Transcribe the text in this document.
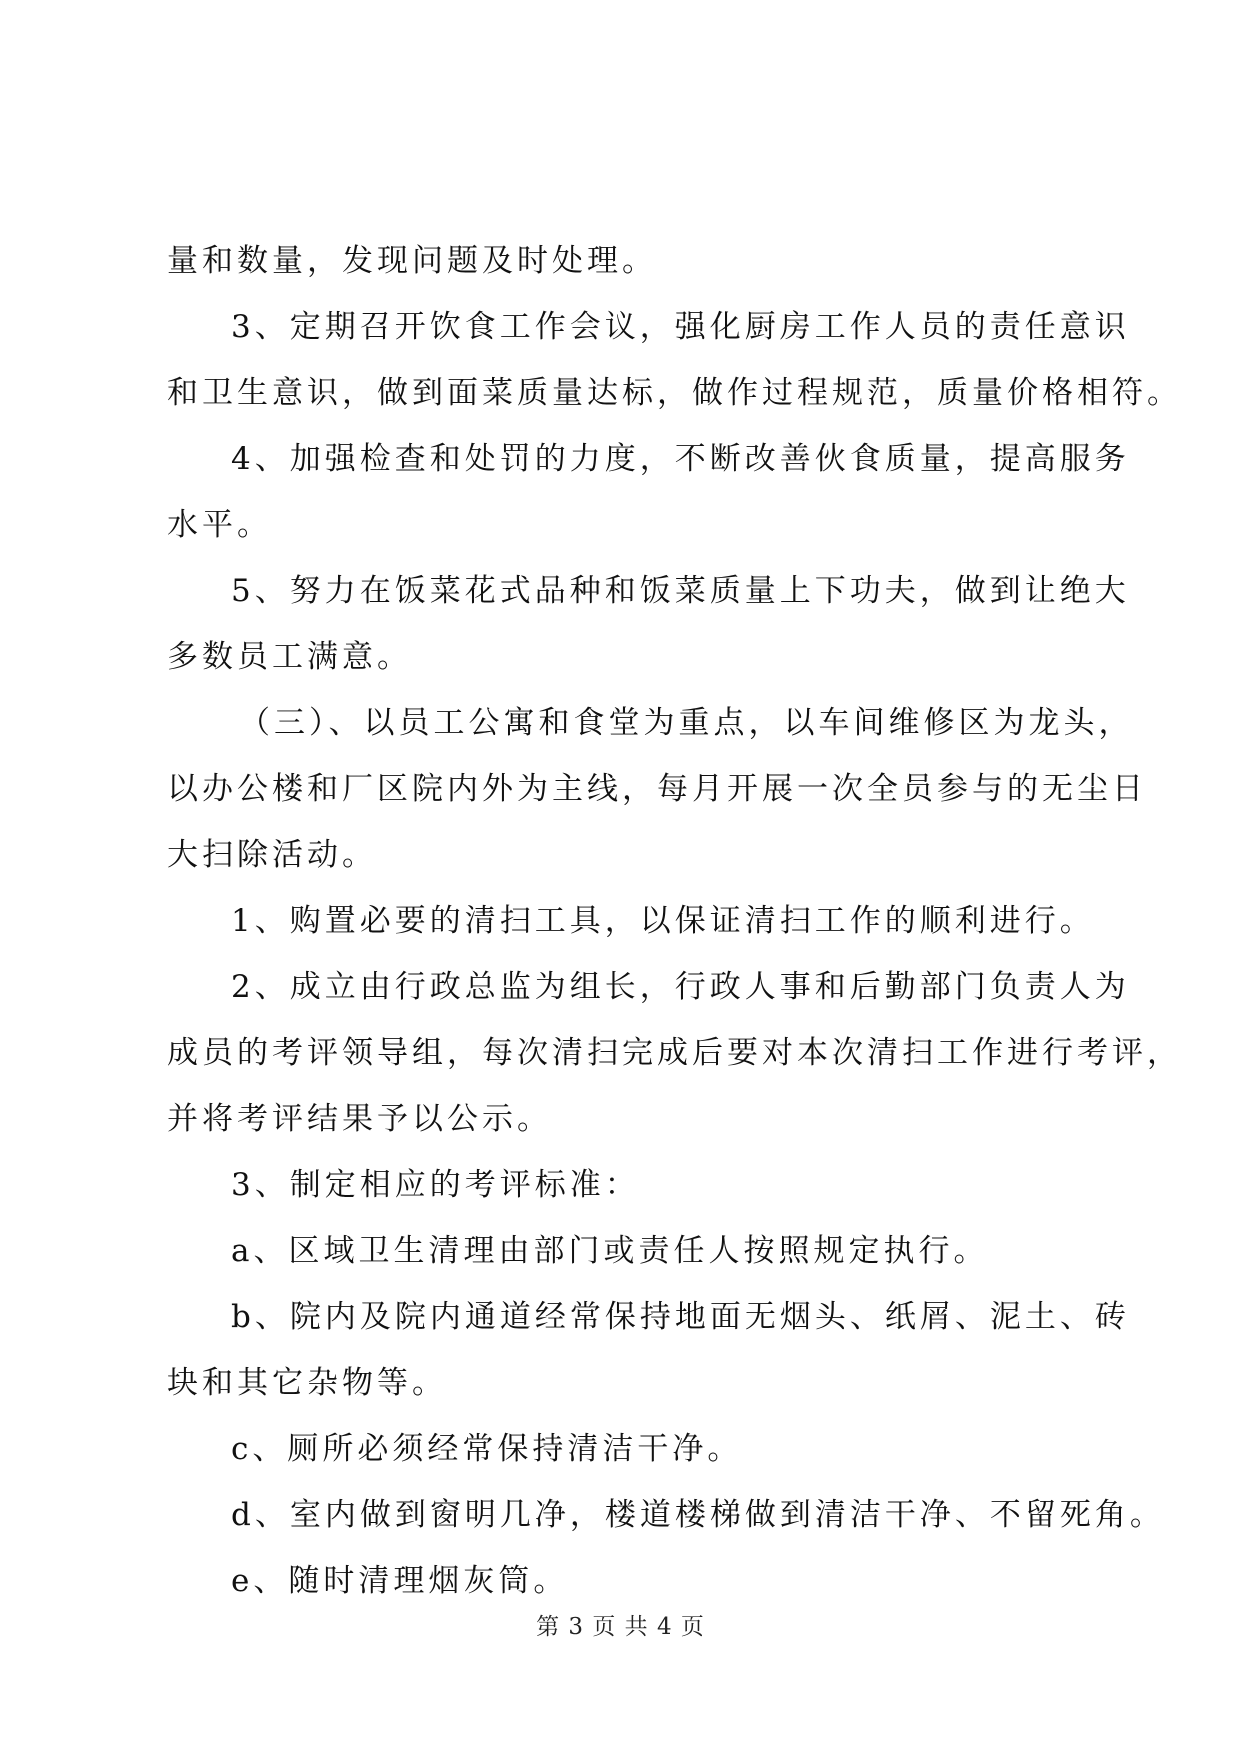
量和数量，发现问题及时处理。
3、定期召开饮食工作会议，强化厨房工作人员的责任意识
和卫生意识，做到面菜质量达标，做作过程规范，质量价格相符。
4、加强检查和处罚的力度，不断改善伙食质量，提高服务
水平。
5、努力在饭菜花式品种和饭菜质量上下功夫，做到让绝大
多数员工满意。
（三）、以员工公寓和食堂为重点，以车间维修区为龙头，
以办公楼和厂区院内外为主线，每月开展一次全员参与的无尘日
大扫除活动。
1、购置必要的清扫工具，以保证清扫工作的顺利进行。
2、成立由行政总监为组长，行政人事和后勤部门负责人为
成员的考评领导组，每次清扫完成后要对本次清扫工作进行考评，
并将考评结果予以公示。
3、制定相应的考评标准：
a、区域卫生清理由部门或责任人按照规定执行。
b、院内及院内通道经常保持地面无烟头、纸屑、泥土、砖
块和其它杂物等。
c、厕所必须经常保持清洁干净。
d、室内做到窗明几净，楼道楼梯做到清洁干净、不留死角。
e、随时清理烟灰筒。
第 3 页 共 4 页
